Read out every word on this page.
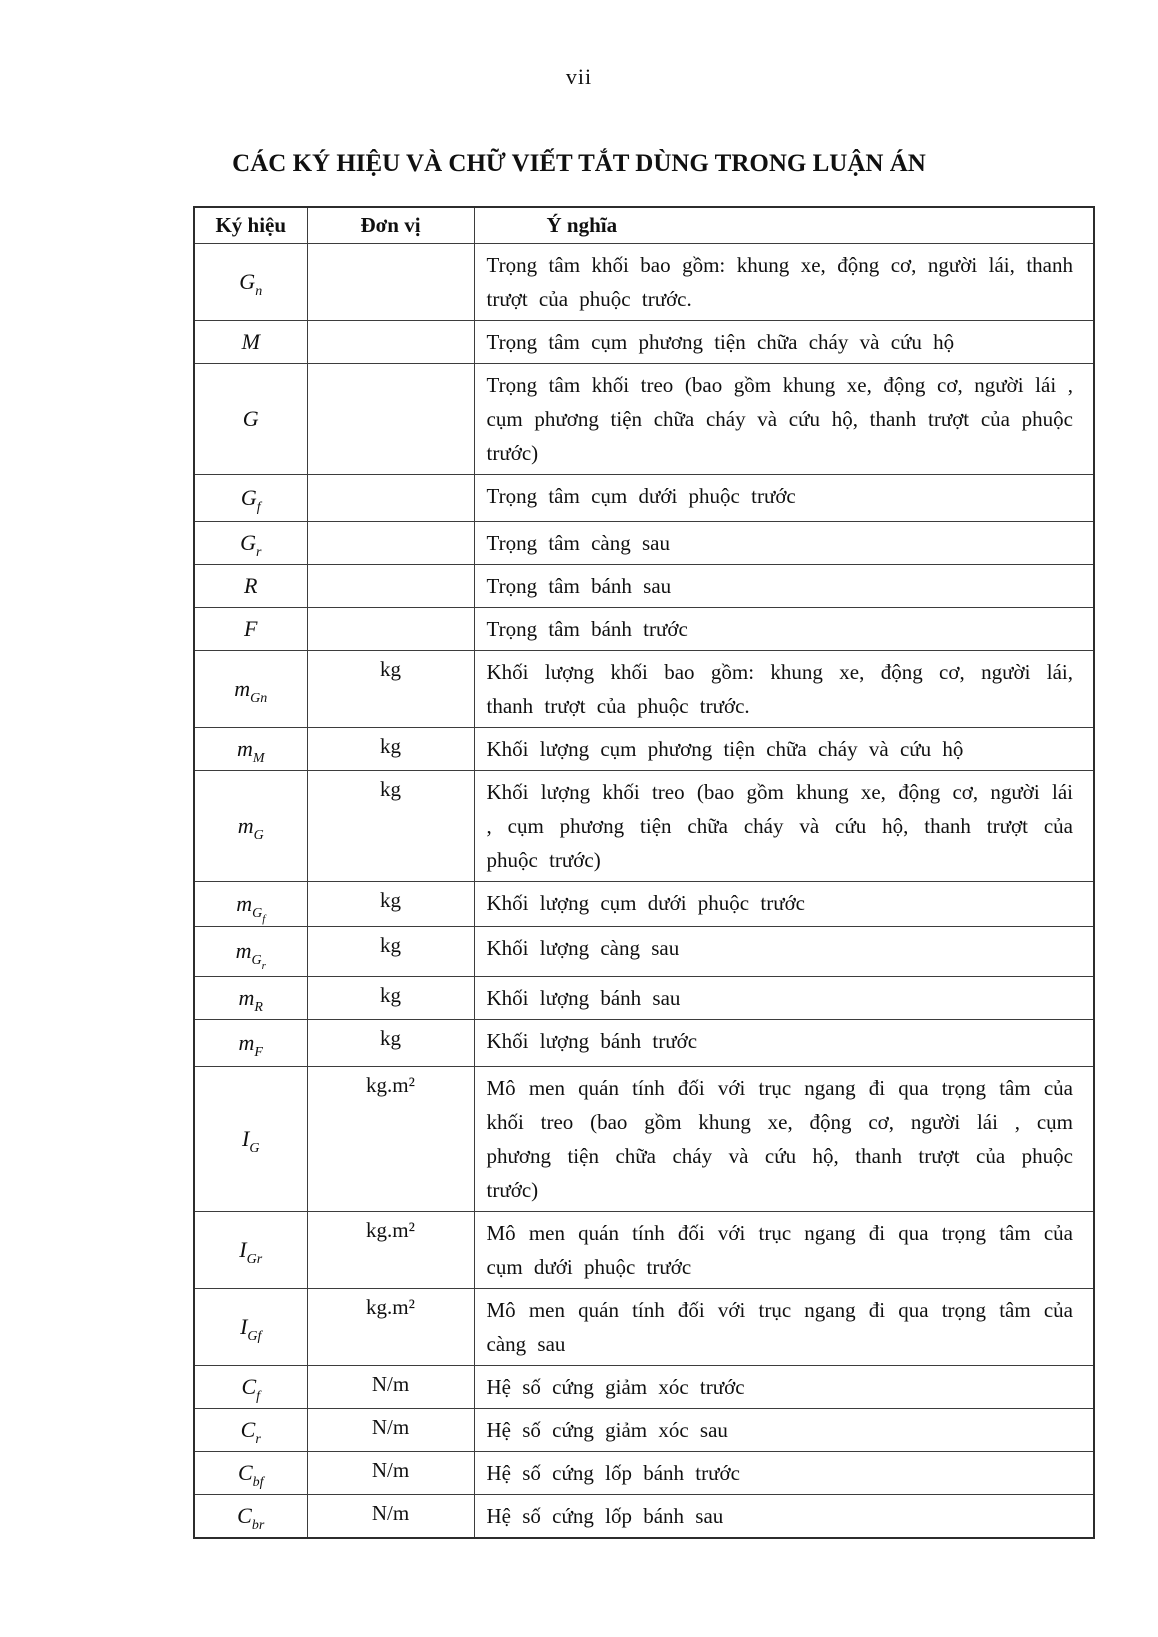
vii
CÁC KÝ HIỆU VÀ CHỮ VIẾT TẮT DÙNG TRONG LUẬN ÁN
Ký hiệu	Đơn vị	Ý nghĩa
$G_n$		Trọng tâm khối bao gồm: khung xe, động cơ, người lái, thanh trượt của phuộc trước.
M		Trọng tâm cụm phương tiện chữa cháy và cứu hộ
G		Trọng tâm khối treo (bao gồm khung xe, động cơ, người lái , cụm phương tiện chữa cháy và cứu hộ, thanh trượt của phuộc trước)
$G_f$		Trọng tâm cụm dưới phuộc trước
$G_r$		Trọng tâm càng sau
R		Trọng tâm bánh sau
F		Trọng tâm bánh trước
$m_{Gn}$	kg	Khối lượng khối bao gồm: khung xe, động cơ, người lái, thanh trượt của phuộc trước.
$m_M$	kg	Khối lượng cụm phương tiện chữa cháy và cứu hộ
$m_G$	kg	Khối lượng khối treo (bao gồm khung xe, động cơ, người lái , cụm phương tiện chữa cháy và cứu hộ, thanh trượt của phuộc trước)
$m_{Gf}$	kg	Khối lượng cụm dưới phuộc trước
$m_{Gr}$	kg	Khối lượng càng sau
$m_R$	kg	Khối lượng bánh sau
$m_F$	kg	Khối lượng bánh trước
$I_G$	kg.m²	Mô men quán tính đối với trục ngang đi qua trọng tâm của khối treo (bao gồm khung xe, động cơ, người lái , cụm phương tiện chữa cháy và cứu hộ, thanh trượt của phuộc trước)
$I_{Gr}$	kg.m²	Mô men quán tính đối với trục ngang đi qua trọng tâm của cụm dưới phuộc trước
$I_{Gf}$	kg.m²	Mô men quán tính đối với trục ngang đi qua trọng tâm của càng sau
$C_f$	N/m	Hệ số cứng giảm xóc trước
$C_r$	N/m	Hệ số cứng giảm xóc sau
$C_{bf}$	N/m	Hệ số cứng lốp bánh trước
$C_{br}$	N/m	Hệ số cứng lốp bánh sau
